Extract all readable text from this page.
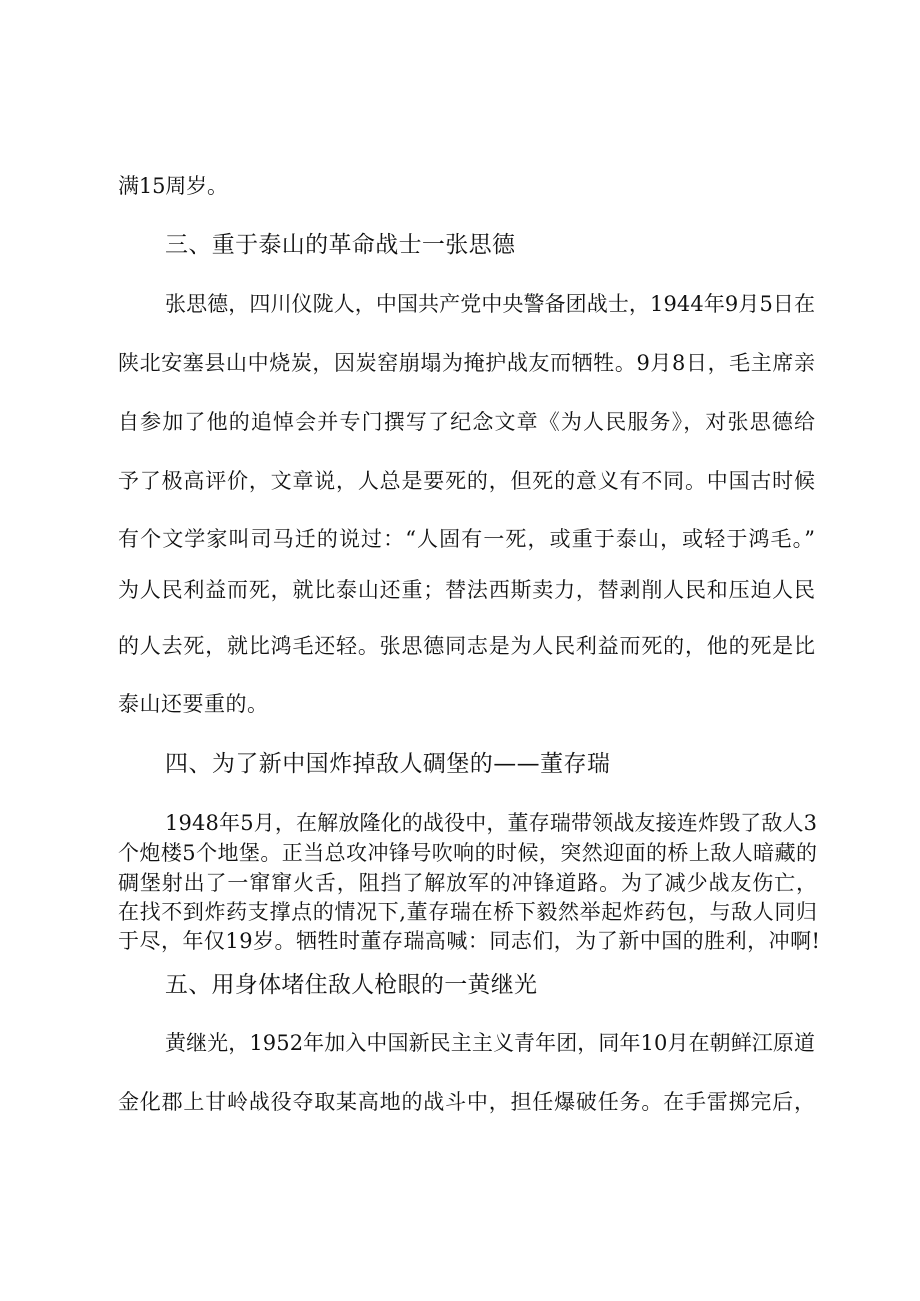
满15周岁。
三、重于泰山的革命战士一张思德
张思德，四川仪陇人，中国共产党中央警备团战士，1944年9月5日在
陕北安塞县山中烧炭，因炭窑崩塌为掩护战友而牺牲。9月8日，毛主席亲
自参加了他的追悼会并专门撰写了纪念文章《为人民服务》，对张思德给
予了极高评价，文章说，人总是要死的，但死的意义有不同。中国古时候
有个文学家叫司马迁的说过：“人固有一死，或重于泰山，或轻于鸿毛。”
为人民利益而死，就比泰山还重；替法西斯卖力，替剥削人民和压迫人民
的人去死，就比鸿毛还轻。张思德同志是为人民利益而死的，他的死是比
泰山还要重的。
四、为了新中国炸掉敌人碉堡的——董存瑞
1948年5月，在解放隆化的战役中，董存瑞带领战友接连炸毁了敌人3
个炮楼5个地堡。正当总攻冲锋号吹响的时候，突然迎面的桥上敌人暗藏的
碉堡射出了一窜窜火舌，阻挡了解放军的冲锋道路。为了减少战友伤亡，
在找不到炸药支撑点的情况下,董存瑞在桥下毅然举起炸药包，与敌人同归
于尽，年仅19岁。牺牲时董存瑞高喊：同志们，为了新中国的胜利，冲啊!
五、用身体堵住敌人枪眼的一黄继光
黄继光，1952年加入中国新民主主义青年团，同年10月在朝鲜江原道
金化郡上甘岭战役夺取某高地的战斗中，担任爆破任务。在手雷掷完后，
